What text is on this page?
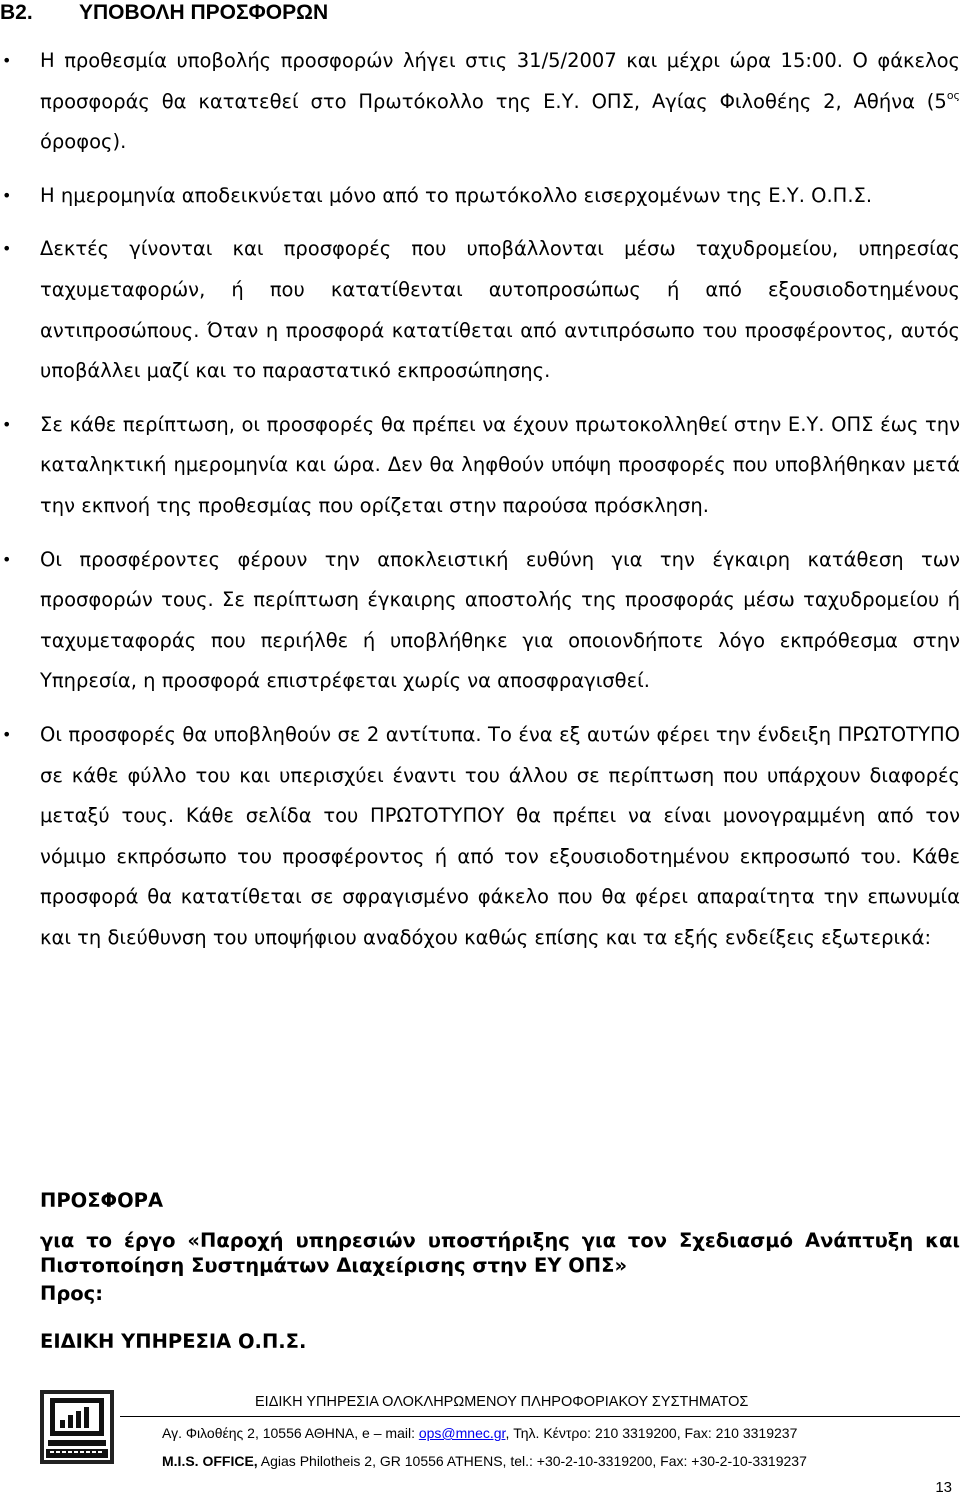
B2. ΥΠΟΒΟΛΗ ΠΡΟΣΦΟΡΩΝ
• Η προθεσμία υποβολής προσφορών λήγει στις 31/5/2007 και μέχρι ώρα 15:00. Ο φάκελος προσφοράς θα κατατεθεί στο Πρωτόκολλο της Ε.Υ. ΟΠΣ, Αγίας Φιλοθέης 2, Αθήνα ($5^{o\varsigma}$ όροφος).
• Η ημερομηνία αποδεικνύεται μόνο από το πρωτόκολλο εισερχομένων της Ε.Υ. Ο.Π.Σ.
• Δεκτές γίνονται και προσφορές που υποβάλλονται μέσω ταχυδρομείου, υπηρεσίας ταχυμεταφορών, ή που κατατίθενται αυτοπροσώπως ή από εξουσιοδοτημένους αντιπροσώπους. Όταν η προσφορά κατατίθεται από αντιπρόσωπο του προσφέροντος, αυτός υποβάλλει μαζί και το παραστατικό εκπροσώπησης.
• Σε κάθε περίπτωση, οι προσφορές θα πρέπει να έχουν πρωτοκολληθεί στην Ε.Υ. ΟΠΣ έως την καταληκτική ημερομηνία και ώρα. Δεν θα ληφθούν υπόψη προσφορές που υποβλήθηκαν μετά την εκπνοή της προθεσμίας που ορίζεται στην παρούσα πρόσκληση.
• Οι προσφέροντες φέρουν την αποκλειστική ευθύνη για την έγκαιρη κατάθεση των προσφορών τους. Σε περίπτωση έγκαιρης αποστολής της προσφοράς μέσω ταχυδρομείου ή ταχυμεταφοράς που περιήλθε ή υποβλήθηκε για οποιονδήποτε λόγο εκπρόθεσμα στην Υπηρεσία, η προσφορά επιστρέφεται χωρίς να αποσφραγισθεί.
• Οι προσφορές θα υποβληθούν σε 2 αντίτυπα. Το ένα εξ αυτών φέρει την ένδειξη ΠΡΩΤΟΤΥΠΟ σε κάθε φύλλο του και υπερισχύει έναντι του άλλου σε περίπτωση που υπάρχουν διαφορές μεταξύ τους. Κάθε σελίδα του ΠΡΩΤΟΤΥΠΟΥ θα πρέπει να είναι μονογραμμένη από τον νόμιμο εκπρόσωπο του προσφέροντος ή από τον εξουσιοδοτημένου εκπροσωπό του. Κάθε προσφορά θα κατατίθεται σε σφραγισμένο φάκελο που θα φέρει απαραίτητα την επωνυμία και τη διεύθυνση του υποψήφιου αναδόχου καθώς επίσης και τα εξής ενδείξεις εξωτερικά:
ΠΡΟΣΦΟΡΑ
για το έργο «Παροχή υπηρεσιών υποστήριξης για τον Σχεδιασμό Ανάπτυξη και Πιστοποίηση Συστημάτων Διαχείρισης στην ΕΥ ΟΠΣ»
Προς:
ΕΙΔΙΚΗ ΥΠΗΡΕΣΙΑ Ο.Π.Σ.
ΕΙΔΙΚΗ ΥΠΗΡΕΣΙΑ ΟΛΟΚΛΗΡΩΜΕΝΟΥ ΠΛΗΡΟΦΟΡΙΑΚΟΥ ΣΥΣΤΗΜΑΤΟΣ
Αγ. Φιλοθέης 2, 10556 ΑΘΗΝΑ, e – mail: ops@mnec.gr, Τηλ. Κέντρο: 210 3319200, Fax: 210 3319237
M.I.S. OFFICE, Agias Philotheis 2, GR 10556 ATHENS, tel.: +30-2-10-3319200, Fax: +30-2-10-3319237
13
